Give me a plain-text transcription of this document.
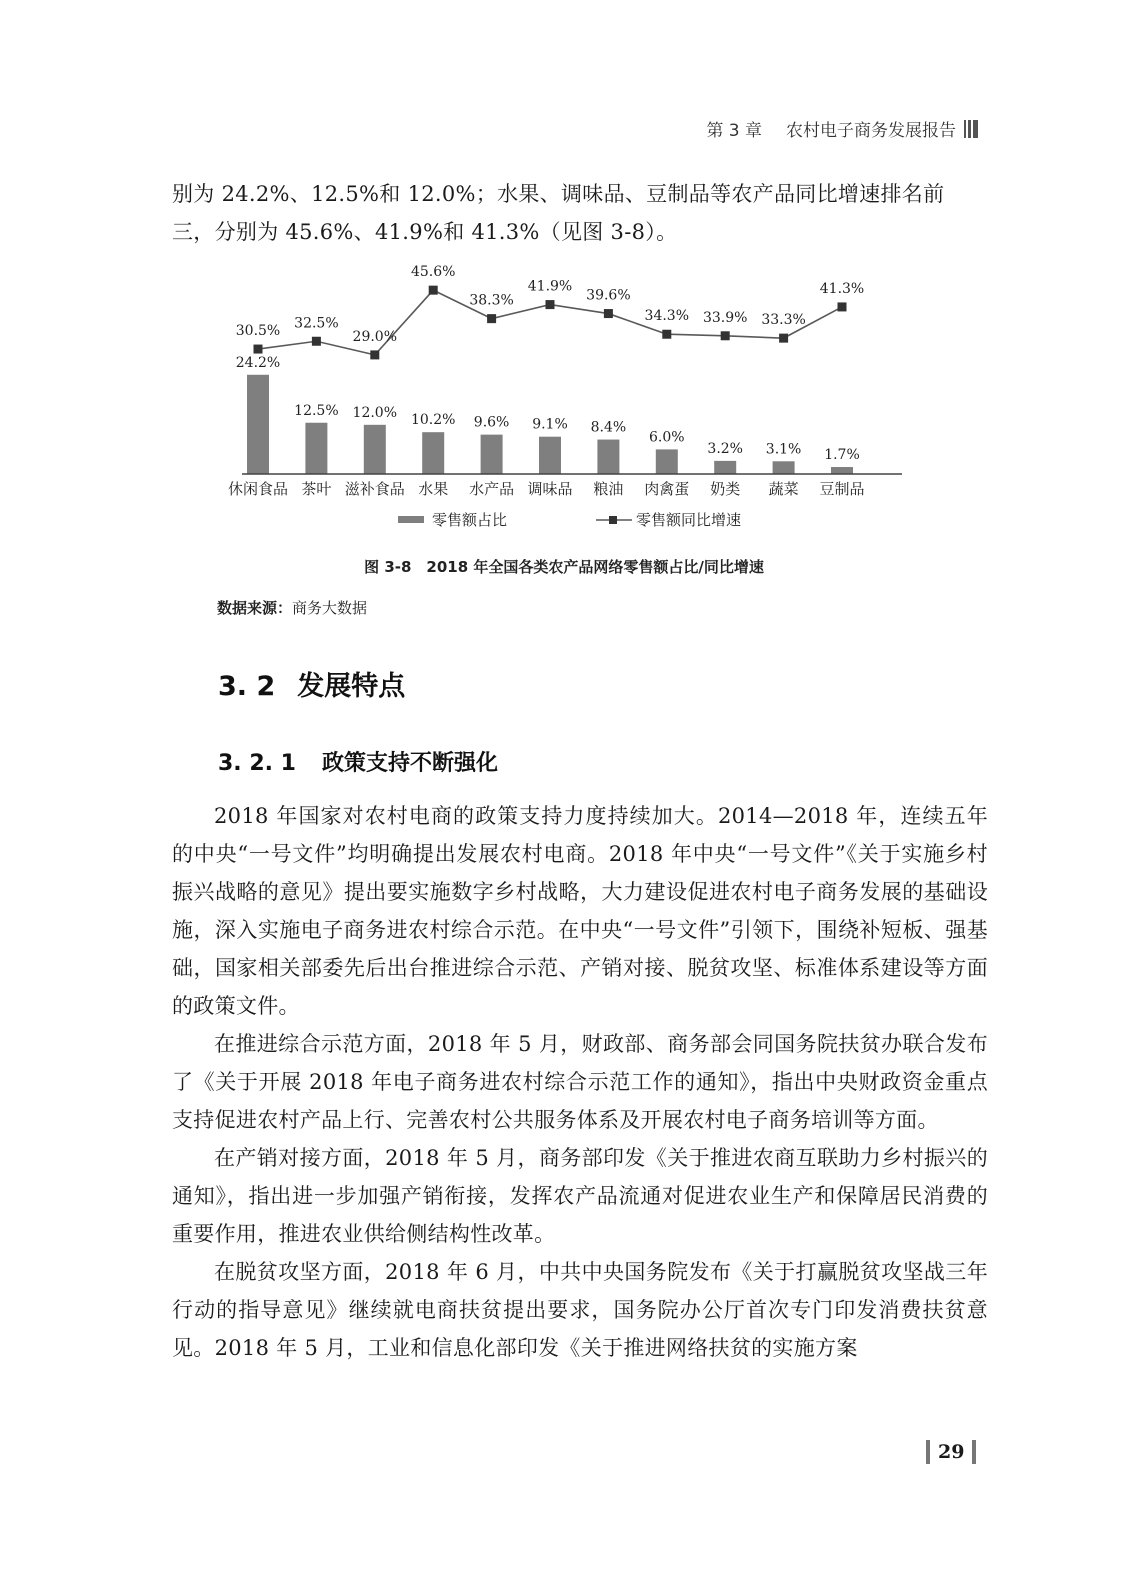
第 3 章 农村电子商务发展报告

别为 24.2%、12.5%和 12.0%；水果、调味品、豆制品等农产品同比增速排名前

三，分别为 45.6%、41.9%和 41.3%（见图 3-8）。

24.2%
休闲食品
12.5%
茶叶
12.0%
滋补食品
10.2%
水果
9.6%
水产品
9.1%
调味品
8.4%
粮油
6.0%
肉禽蛋
3.2%
奶类
3.1%
蔬菜
1.7%
豆制品
30.5% 32.5%
29.0%
45.6%
38.3%
41.9%
39.6%
34.3% 33.9% 33.3%
41.3%
零售额占比	零售额同比增速
图 3-8　2018 年全国各类农产品网络零售额占比/同比增速
数据来源：商务大数据
3. 2 发展特点
3. 2. 1 政策支持不断强化

2018 年国家对农村电商的政策支持力度持续加大。2014—2018 年，连续五年的中央“一号文件”均明确提出发展农村电商。2018 年中央“一号文件”《关于实施乡村振兴战略的意见》提出要实施数字乡村战略，大力建设促进农村电子商务发展的基础设施，深入实施电子商务进农村综合示范。在中央“一号文件”引领下，围绕补短板、强基础，国家相关部委先后出台推进综合示范、产销对接、脱贫攻坚、标准体系建设等方面的政策文件。

在推进综合示范方面，2018 年 5 月，财政部、商务部会同国务院扶贫办联合发布了《关于开展 2018 年电子商务进农村综合示范工作的通知》，指出中央财政资金重点支持促进农村产品上行、完善农村公共服务体系及开展农村电子商务培训等方面。

在产销对接方面，2018 年 5 月，商务部印发《关于推进农商互联助力乡村振兴的通知》，指出进一步加强产销衔接，发挥农产品流通对促进农业生产和保障居民消费的重要作用，推进农业供给侧结构性改革。

在脱贫攻坚方面，2018 年 6 月，中共中央国务院发布《关于打赢脱贫攻坚战三年行动的指导意见》继续就电商扶贫提出要求，国务院办公厅首次专门印发消费扶贫意见。2018 年 5 月，工业和信息化部印发《关于推进网络扶贫的实施方案

29
